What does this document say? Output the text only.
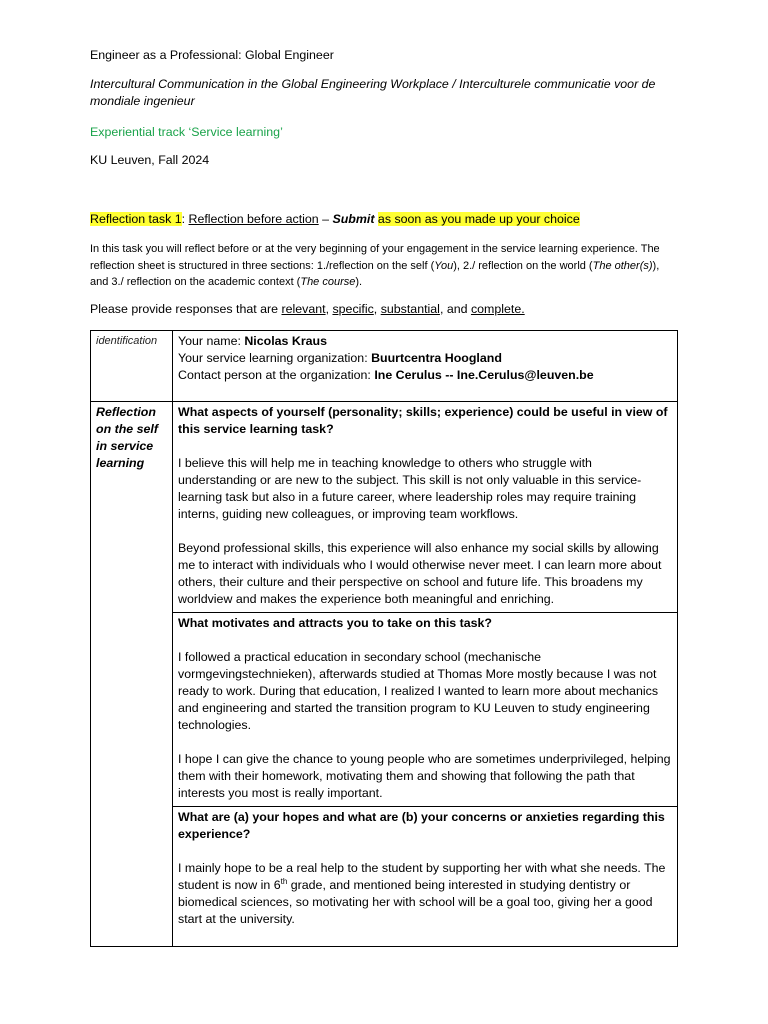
Engineer as a Professional: Global Engineer
Intercultural Communication in the Global Engineering Workplace / Interculturele communicatie voor de mondiale ingenieur
Experiential track ‘Service learning’
KU Leuven, Fall 2024
Reflection task 1: Reflection before action – Submit as soon as you made up your choice
In this task you will reflect before or at the very beginning of your engagement in the service learning experience. The reflection sheet is structured in three sections: 1./reflection on the self (You), 2./ reflection on the world (The other(s)), and 3./ reflection on the academic context (The course).
Please provide responses that are relevant, specific, substantial, and complete.
identification	Your name: Nicolas Kraus
Your service learning organization: Buurtcentra Hoogland
Contact person at the organization: Ine Cerulus -- Ine.Cerulus@leuven.be

Reflection on the self in service learning	What aspects of yourself (personality; skills; experience) could be useful in view of this service learning task?
I believe this will help me in teaching knowledge to others who struggle with understanding or are new to the subject. This skill is not only valuable in this service-learning task but also in a future career, where leadership roles may require training interns, guiding new colleagues, or improving team workflows.
Beyond professional skills, this experience will also enhance my social skills by allowing me to interact with individuals who I would otherwise never meet. I can learn more about others, their culture and their perspective on school and future life. This broadens my worldview and makes the experience both meaningful and enriching.

	What motivates and attracts you to take on this task?
I followed a practical education in secondary school (mechanische vormgevingstechnieken), afterwards studied at Thomas More mostly because I was not ready to work. During that education, I realized I wanted to learn more about mechanics and engineering and started the transition program to KU Leuven to study engineering technologies.
I hope I can give the chance to young people who are sometimes underprivileged, helping them with their homework, motivating them and showing that following the path that interests you most is really important.

	What are (a) your hopes and what are (b) your concerns or anxieties regarding this experience?
I mainly hope to be a real help to the student by supporting her with what she needs. The student is now in 6th grade, and mentioned being interested in studying dentistry or biomedical sciences, so motivating her with school will be a goal too, giving her a good start at the university.
